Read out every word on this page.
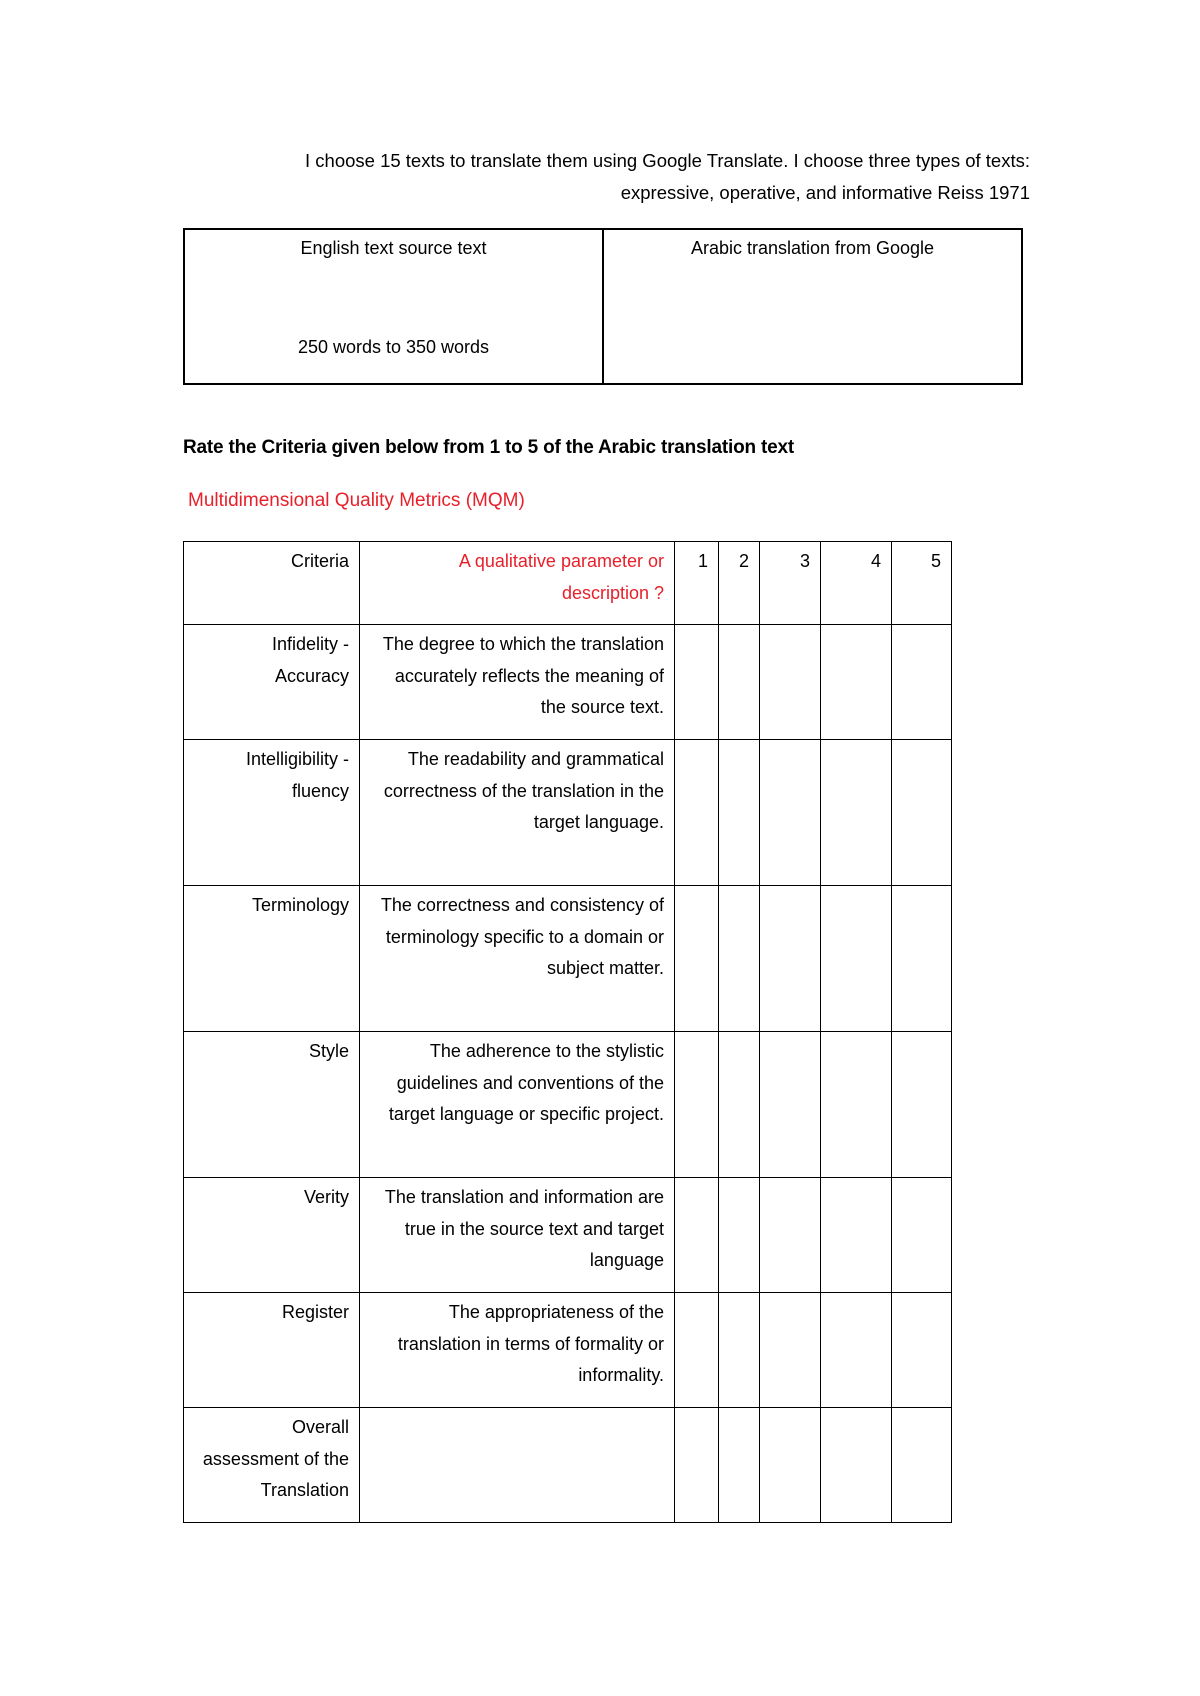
I choose 15 texts to translate them using Google Translate. I choose three types of texts:
expressive, operative, and informative Reiss 1971
English text source text
250 words to 350 words

Arabic translation from Google
Rate the Criteria given below from 1 to 5 of the Arabic translation text
Multidimensional Quality Metrics (MQM)
Criteria	A qualitative parameter or description ?	1	2	3	4	5
Infidelity - Accuracy	The degree to which the translation accurately reflects the meaning of the source text.					
Intelligibility - fluency	The readability and grammatical correctness of the translation in the target language.					
Terminology	The correctness and consistency of terminology specific to a domain or subject matter.					
Style	The adherence to the stylistic guidelines and conventions of the target language or specific project.					
Verity	The translation and information are true in the source text and target language					
Register	The appropriateness of the translation in terms of formality or informality.					
Overall assessment of the Translation						
